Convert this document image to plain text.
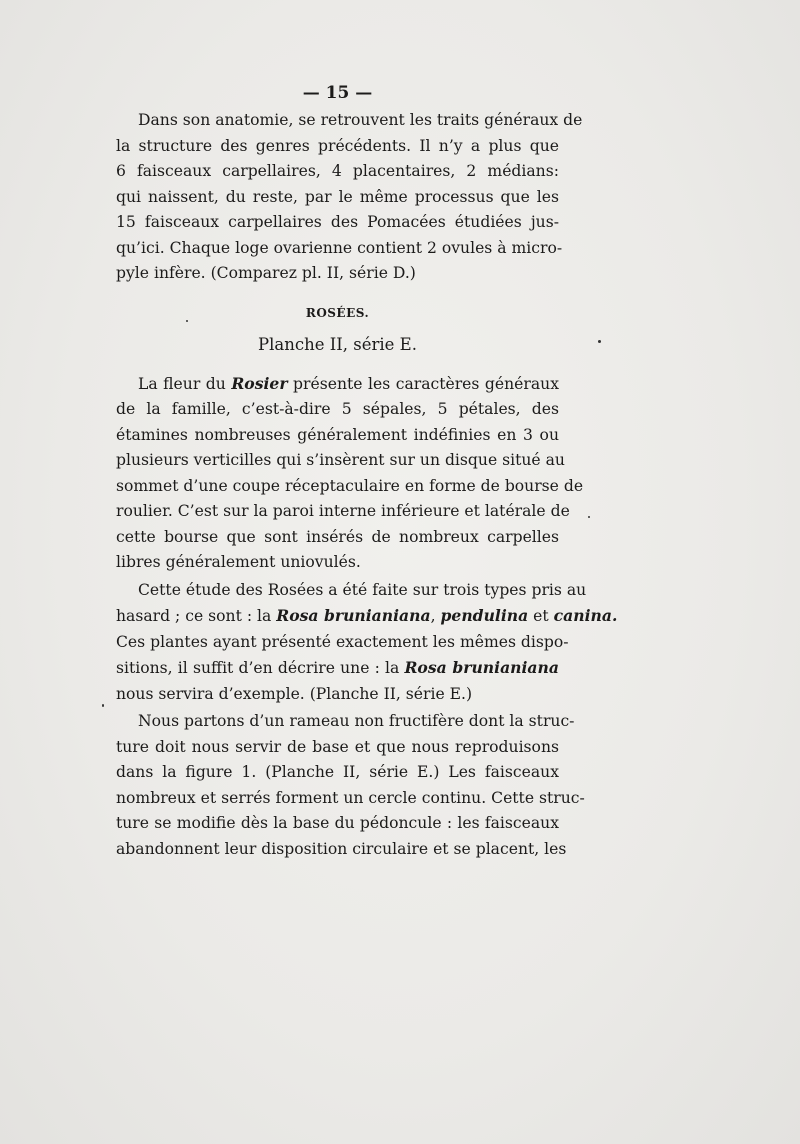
— 15 —
Dans son anatomie, se retrouvent les traits généraux de
la structure des genres précédents. Il n’y a plus que
6 faisceaux carpellaires, 4 placentaires, 2 médians:
qui naissent, du reste, par le même processus que les
15 faisceaux carpellaires des Pomacées étudiées jus-
qu’ici. Chaque loge ovarienne contient 2 ovules à micro-
pyle infère. (Comparez pl. II, série D.)
ROSÉES.
Planche II, série E.
La fleur du Rosier présente les caractères généraux
de la famille, c’est-à-dire 5 sépales, 5 pétales, des
étamines nombreuses généralement indéfinies en 3 ou
plusieurs verticilles qui s’insèrent sur un disque situé au
sommet d’une coupe réceptaculaire en forme de bourse de
roulier. C’est sur la paroi interne inférieure et latérale de
cette bourse que sont insérés de nombreux carpelles
libres généralement uniovulés.
Cette étude des Rosées a été faite sur trois types pris au
hasard ; ce sont : la Rosa brunianiana, pendulina et canina.
Ces plantes ayant présenté exactement les mêmes dispo-
sitions, il suffit d’en décrire une : la Rosa brunianiana
nous servira d’exemple. (Planche II, série E.)
Nous partons d’un rameau non fructifère dont la struc-
ture doit nous servir de base et que nous reproduisons
dans la figure 1. (Planche II, série E.) Les faisceaux
nombreux et serrés forment un cercle continu. Cette struc-
ture se modifie dès la base du pédoncule : les faisceaux
abandonnent leur disposition circulaire et se placent, les
